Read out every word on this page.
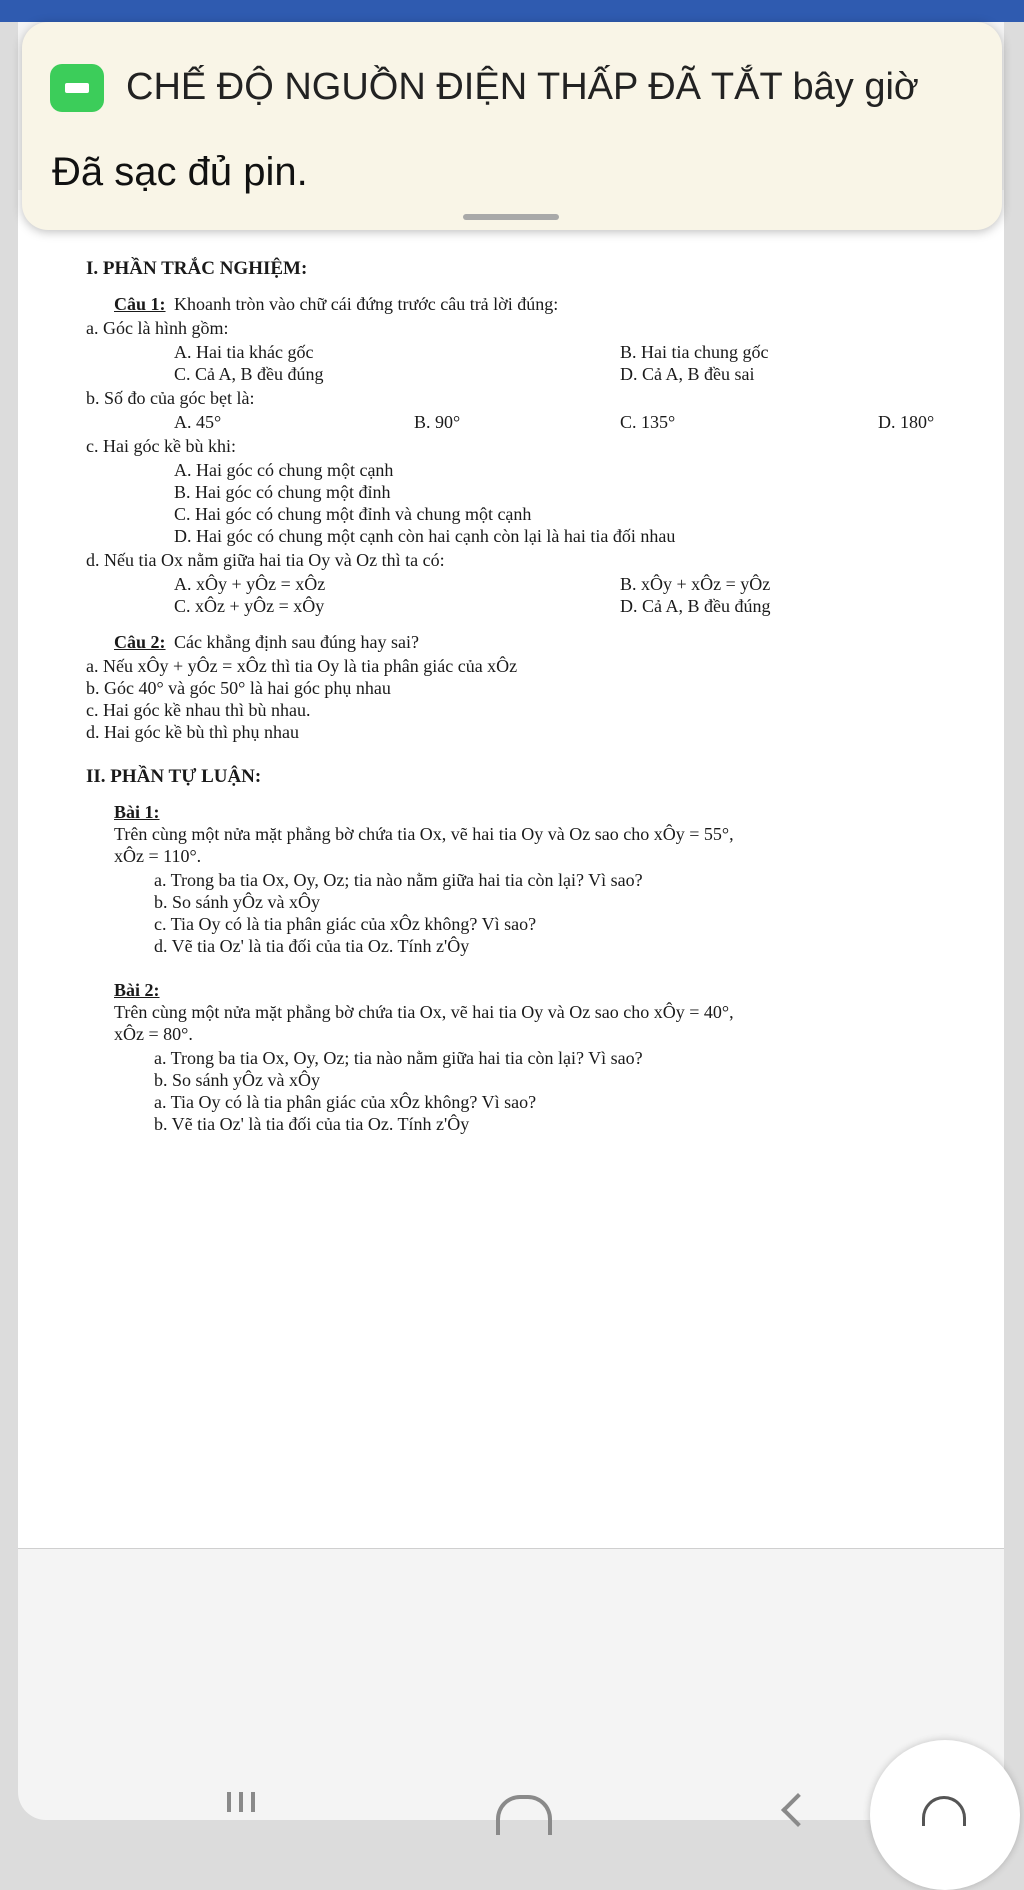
I. PHẦN TRẮC NGHIỆM:
Câu 1: Khoanh tròn vào chữ cái đứng trước câu trả lời đúng:
a. Góc là hình gồm:
A. Hai tia khác gốc	B. Hai tia chung gốc
C. Cả A, B đều đúng	D. Cả A, B đều sai
b. Số đo của góc bẹt là:
A. 45°	B. 90°	C. 135°	D. 180°
c. Hai góc kề bù khi:
A. Hai góc có chung một cạnh
B. Hai góc có chung một đỉnh
C. Hai góc có chung một đỉnh và chung một cạnh
D. Hai góc có chung một cạnh còn hai cạnh còn lại là hai tia đối nhau
d. Nếu tia Ox nằm giữa hai tia Oy và Oz thì ta có:
A. xÔy + yÔz = xÔz	B. xÔy + xÔz = yÔz
C. xÔz + yÔz = xÔy	D. Cả A, B đều đúng
Câu 2: Các khẳng định sau đúng hay sai?
a. Nếu xÔy + yÔz = xÔz thì tia Oy là tia phân giác của xÔz
b. Góc 40° và góc 50° là hai góc phụ nhau
c. Hai góc kề nhau thì bù nhau.
d. Hai góc kề bù thì phụ nhau
II. PHẦN TỰ LUẬN:
Bài 1:
Trên cùng một nửa mặt phẳng bờ chứa tia Ox, vẽ hai tia Oy và Oz sao cho xÔy = 55°,
xÔz = 110°.
a. Trong ba tia Ox, Oy, Oz; tia nào nằm giữa hai tia còn lại? Vì sao?
b. So sánh yÔz và xÔy
c. Tia Oy có là tia phân giác của xÔz không? Vì sao?
d. Vẽ tia Oz' là tia đối của tia Oz. Tính z'Ôy
Bài 2:
Trên cùng một nửa mặt phẳng bờ chứa tia Ox, vẽ hai tia Oy và Oz sao cho xÔy = 40°,
xÔz = 80°.
a. Trong ba tia Ox, Oy, Oz; tia nào nằm giữa hai tia còn lại? Vì sao?
b. So sánh yÔz và xÔy
a. Tia Oy có là tia phân giác của xÔz không? Vì sao?
b. Vẽ tia Oz' là tia đối của tia Oz. Tính z'Ôy
CHẾ ĐỘ NGUỒN ĐIỆN THẤP ĐÃ TẮT bây giờ
Đã sạc đủ pin.
